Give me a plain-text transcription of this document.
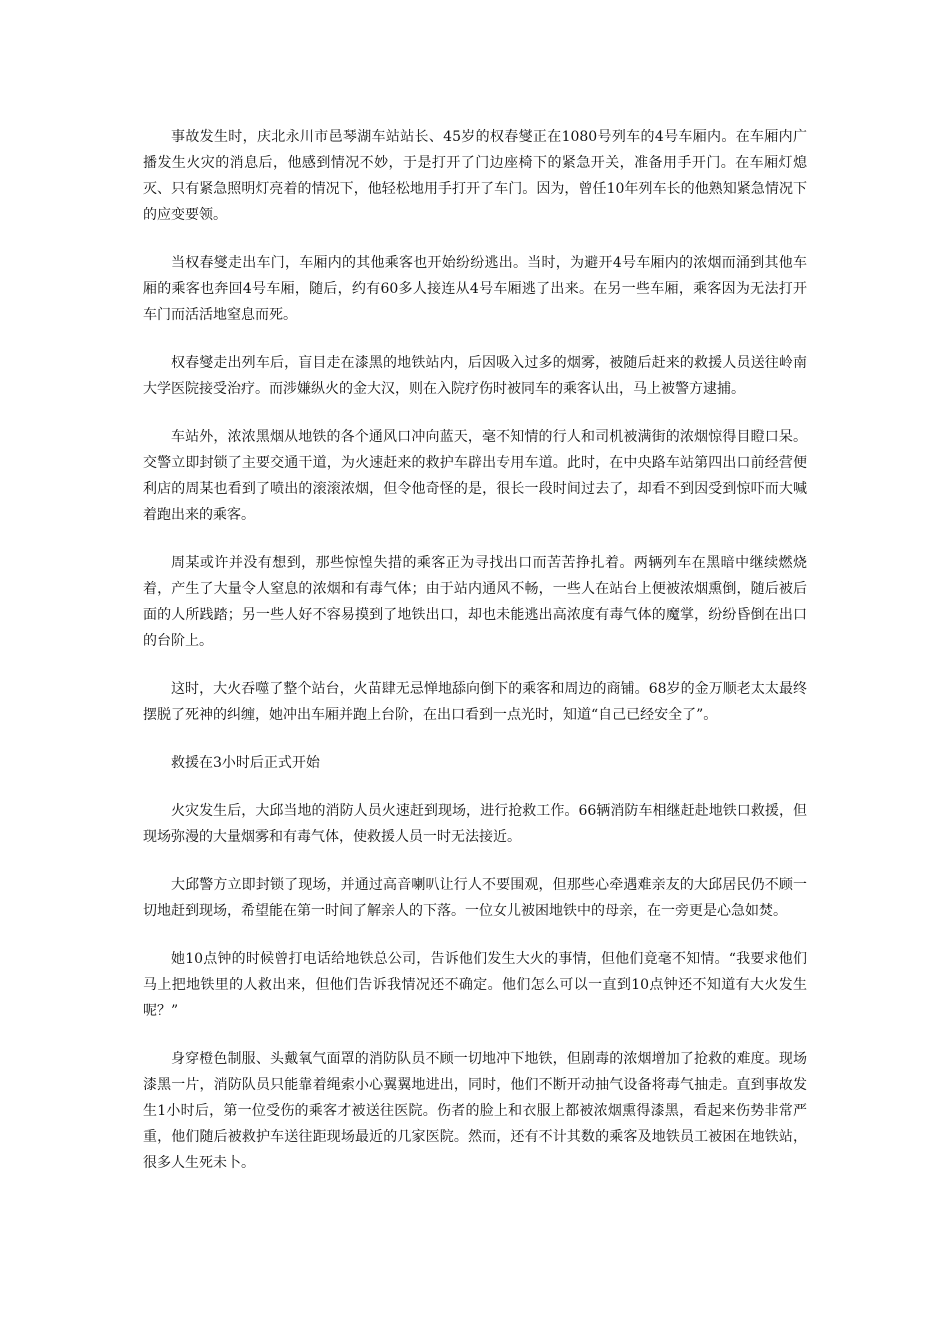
事故发生时，庆北永川市邑琴湖车站站长、45岁的权春燮正在1080号列车的4号车厢内。在车厢内广播发生火灾的消息后，他感到情况不妙，于是打开了门边座椅下的紧急开关，准备用手开门。在车厢灯熄灭、只有紧急照明灯亮着的情况下，他轻松地用手打开了车门。因为，曾任10年列车长的他熟知紧急情况下的应变要领。

当权春燮走出车门，车厢内的其他乘客也开始纷纷逃出。当时，为避开4号车厢内的浓烟而涌到其他车厢的乘客也奔回4号车厢，随后，约有60多人接连从4号车厢逃了出来。在另一些车厢，乘客因为无法打开车门而活活地窒息而死。

权春燮走出列车后，盲目走在漆黑的地铁站内，后因吸入过多的烟雾，被随后赶来的救援人员送往岭南大学医院接受治疗。而涉嫌纵火的金大汉，则在入院疗伤时被同车的乘客认出，马上被警方逮捕。

车站外，浓浓黑烟从地铁的各个通风口冲向蓝天，毫不知情的行人和司机被满街的浓烟惊得目瞪口呆。交警立即封锁了主要交通干道，为火速赶来的救护车辟出专用车道。此时，在中央路车站第四出口前经营便利店的周某也看到了喷出的滚滚浓烟，但令他奇怪的是，很长一段时间过去了，却看不到因受到惊吓而大喊着跑出来的乘客。

周某或许并没有想到，那些惊惶失措的乘客正为寻找出口而苦苦挣扎着。两辆列车在黑暗中继续燃烧着，产生了大量令人窒息的浓烟和有毒气体；由于站内通风不畅，一些人在站台上便被浓烟熏倒，随后被后面的人所践踏；另一些人好不容易摸到了地铁出口，却也未能逃出高浓度有毒气体的魔掌，纷纷昏倒在出口的台阶上。

这时，大火吞噬了整个站台，火苗肆无忌惮地舔向倒下的乘客和周边的商铺。68岁的金万顺老太太最终摆脱了死神的纠缠，她冲出车厢并跑上台阶，在出口看到一点光时，知道“自己已经安全了”。

救援在3小时后正式开始

火灾发生后，大邱当地的消防人员火速赶到现场，进行抢救工作。66辆消防车相继赶赴地铁口救援，但现场弥漫的大量烟雾和有毒气体，使救援人员一时无法接近。

大邱警方立即封锁了现场，并通过高音喇叭让行人不要围观，但那些心牵遇难亲友的大邱居民仍不顾一切地赶到现场，希望能在第一时间了解亲人的下落。一位女儿被困地铁中的母亲，在一旁更是心急如焚。

她10点钟的时候曾打电话给地铁总公司，告诉他们发生大火的事情，但他们竟毫不知情。“我要求他们马上把地铁里的人救出来，但他们告诉我情况还不确定。他们怎么可以一直到10点钟还不知道有大火发生呢？”

身穿橙色制服、头戴氧气面罩的消防队员不顾一切地冲下地铁，但剧毒的浓烟增加了抢救的难度。现场漆黑一片，消防队员只能靠着绳索小心翼翼地进出，同时，他们不断开动抽气设备将毒气抽走。直到事故发生1小时后，第一位受伤的乘客才被送往医院。伤者的脸上和衣服上都被浓烟熏得漆黑，看起来伤势非常严重，他们随后被救护车送往距现场最近的几家医院。然而，还有不计其数的乘客及地铁员工被困在地铁站，很多人生死未卜。
